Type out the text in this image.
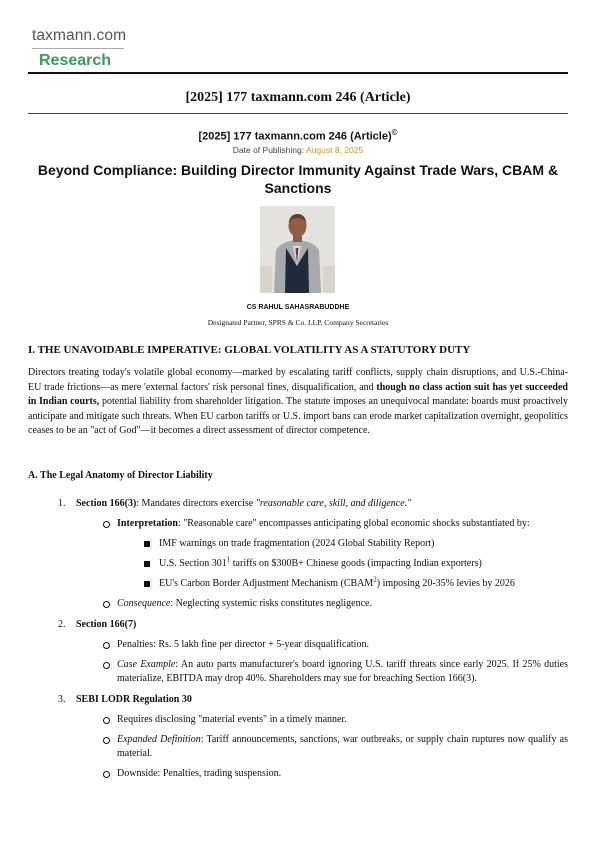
taxmann.com
Research
[2025] 177 taxmann.com 246 (Article)
[2025] 177 taxmann.com 246 (Article)©
Date of Publishing: August 8, 2025
Beyond Compliance: Building Director Immunity Against Trade Wars, CBAM & Sanctions
CS RAHUL SAHASRABUDDHE
Designated Partner, SPRS & Co. LLP, Company Secretaries
I. THE UNAVOIDABLE IMPERATIVE: GLOBAL VOLATILITY AS A STATUTORY DUTY
Directors treating today's volatile global economy—marked by escalating tariff conflicts, supply chain disruptions, and U.S.-China-EU trade frictions—as mere 'external factors' risk personal fines, disqualification, and though no class action suit has yet succeeded in Indian courts, potential liability from shareholder litigation. The statute imposes an unequivocal mandate: boards must proactively anticipate and mitigate such threats. When EU carbon tariffs or U.S. import bans can erode market capitalization overnight, geopolitics ceases to be an "act of God"—it becomes a direct assessment of director competence.
A. The Legal Anatomy of Director Liability
1. Section 166(3): Mandates directors exercise "reasonable care, skill, and diligence."
Interpretation: "Reasonable care" encompasses anticipating global economic shocks substantiated by:
IMF warnings on trade fragmentation (2024 Global Stability Report)
U.S. Section $301^1$ tariffs on $300B+ Chinese goods (impacting Indian exporters)
EU's Carbon Border Adjustment Mechanism (CBAM$^2$) imposing 20-35% levies by 2026
Consequence: Neglecting systemic risks constitutes negligence.
2. Section 166(7)
Penalties: Rs. 5 lakh fine per director + 5-year disqualification.
Case Example: An auto parts manufacturer's board ignoring U.S. tariff threats since early 2025. If 25% duties materialize, EBITDA may drop 40%. Shareholders may sue for breaching Section 166(3).
3. SEBI LODR Regulation 30
Requires disclosing "material events" in a timely manner.
Expanded Definition: Tariff announcements, sanctions, war outbreaks, or supply chain ruptures now qualify as material.
Downside: Penalties, trading suspension.
